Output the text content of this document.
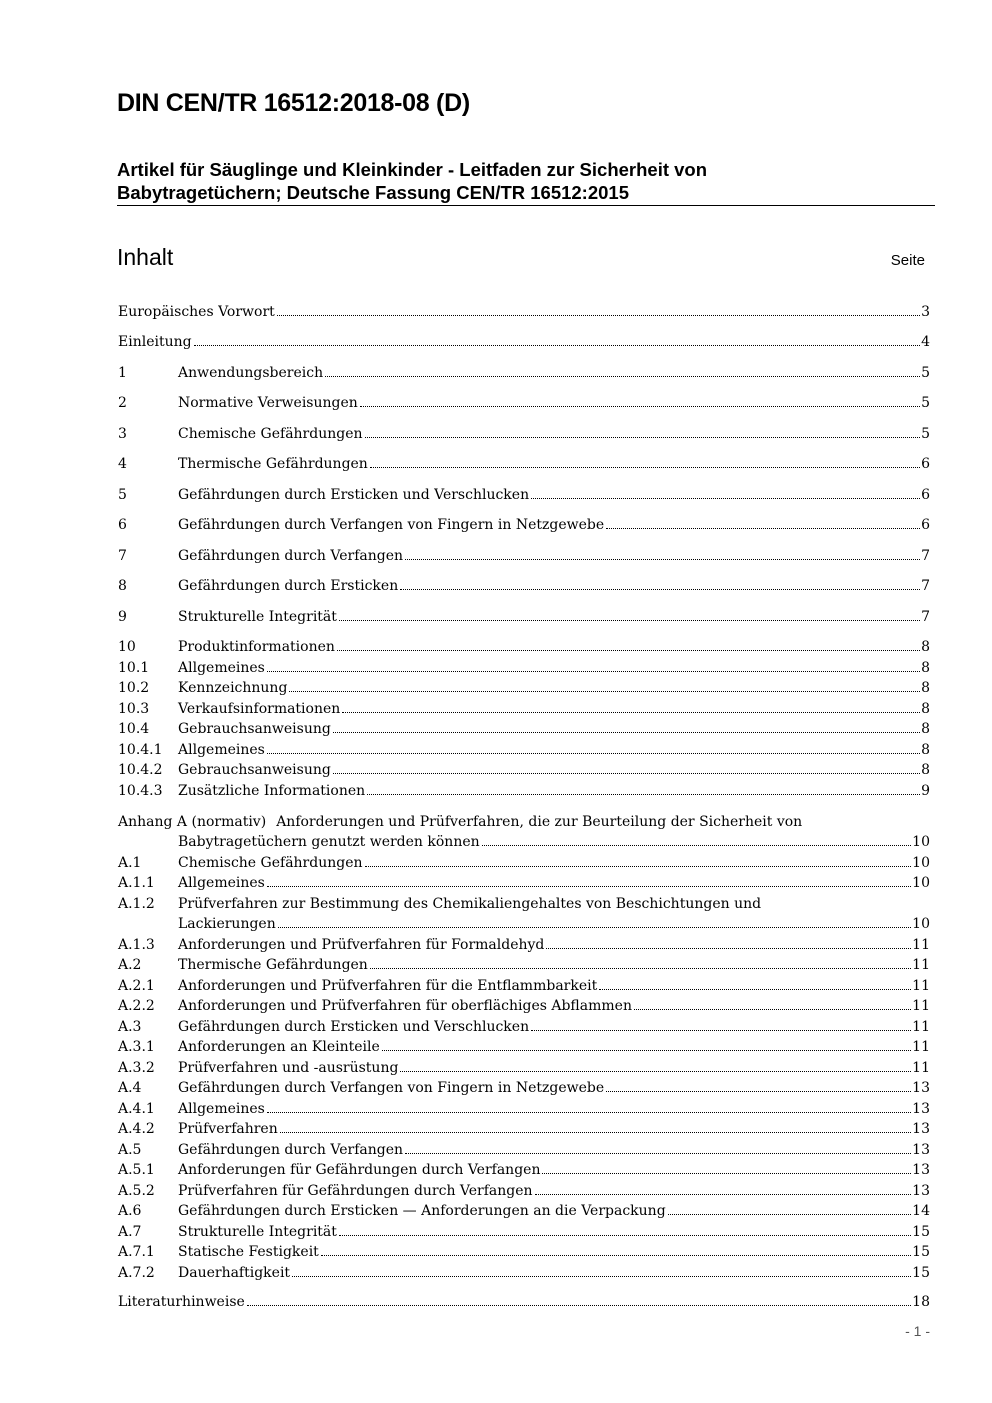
DIN CEN/TR 16512:2018-08 (D)
Artikel für Säuglinge und Kleinkinder - Leitfaden zur Sicherheit von
Babytragetüchern; Deutsche Fassung CEN/TR 16512:2015
Inhalt	Seite
Europäisches Vorwort	3
Einleitung	4
1	Anwendungsbereich	5
2	Normative Verweisungen	5
3	Chemische Gefährdungen	5
4	Thermische Gefährdungen	6
5	Gefährdungen durch Ersticken und Verschlucken	6
6	Gefährdungen durch Verfangen von Fingern in Netzgewebe	6
7	Gefährdungen durch Verfangen	7
8	Gefährdungen durch Ersticken	7
9	Strukturelle Integrität	7
10	Produktinformationen	8
10.1	Allgemeines	8
10.2	Kennzeichnung	8
10.3	Verkaufsinformationen	8
10.4	Gebrauchsanweisung	8
10.4.1	Allgemeines	8
10.4.2	Gebrauchsanweisung	8
10.4.3	Zusätzliche Informationen	9
Anhang A (normativ) Anforderungen und Prüfverfahren, die zur Beurteilung der Sicherheit von
Babytragetüchern genutzt werden können	10
A.1	Chemische Gefährdungen	10
A.1.1	Allgemeines	10
A.1.2	Prüfverfahren zur Bestimmung des Chemikaliengehaltes von Beschichtungen und
Lackierungen	10
A.1.3	Anforderungen und Prüfverfahren für Formaldehyd	11
A.2	Thermische Gefährdungen	11
A.2.1	Anforderungen und Prüfverfahren für die Entflammbarkeit	11
A.2.2	Anforderungen und Prüfverfahren für oberflächiges Abflammen	11
A.3	Gefährdungen durch Ersticken und Verschlucken	11
A.3.1	Anforderungen an Kleinteile	11
A.3.2	Prüfverfahren und -ausrüstung	11
A.4	Gefährdungen durch Verfangen von Fingern in Netzgewebe	13
A.4.1	Allgemeines	13
A.4.2	Prüfverfahren	13
A.5	Gefährdungen durch Verfangen	13
A.5.1	Anforderungen für Gefährdungen durch Verfangen	13
A.5.2	Prüfverfahren für Gefährdungen durch Verfangen	13
A.6	Gefährdungen durch Ersticken — Anforderungen an die Verpackung	14
A.7	Strukturelle Integrität	15
A.7.1	Statische Festigkeit	15
A.7.2	Dauerhaftigkeit	15
Literaturhinweise	18
- 1 -
